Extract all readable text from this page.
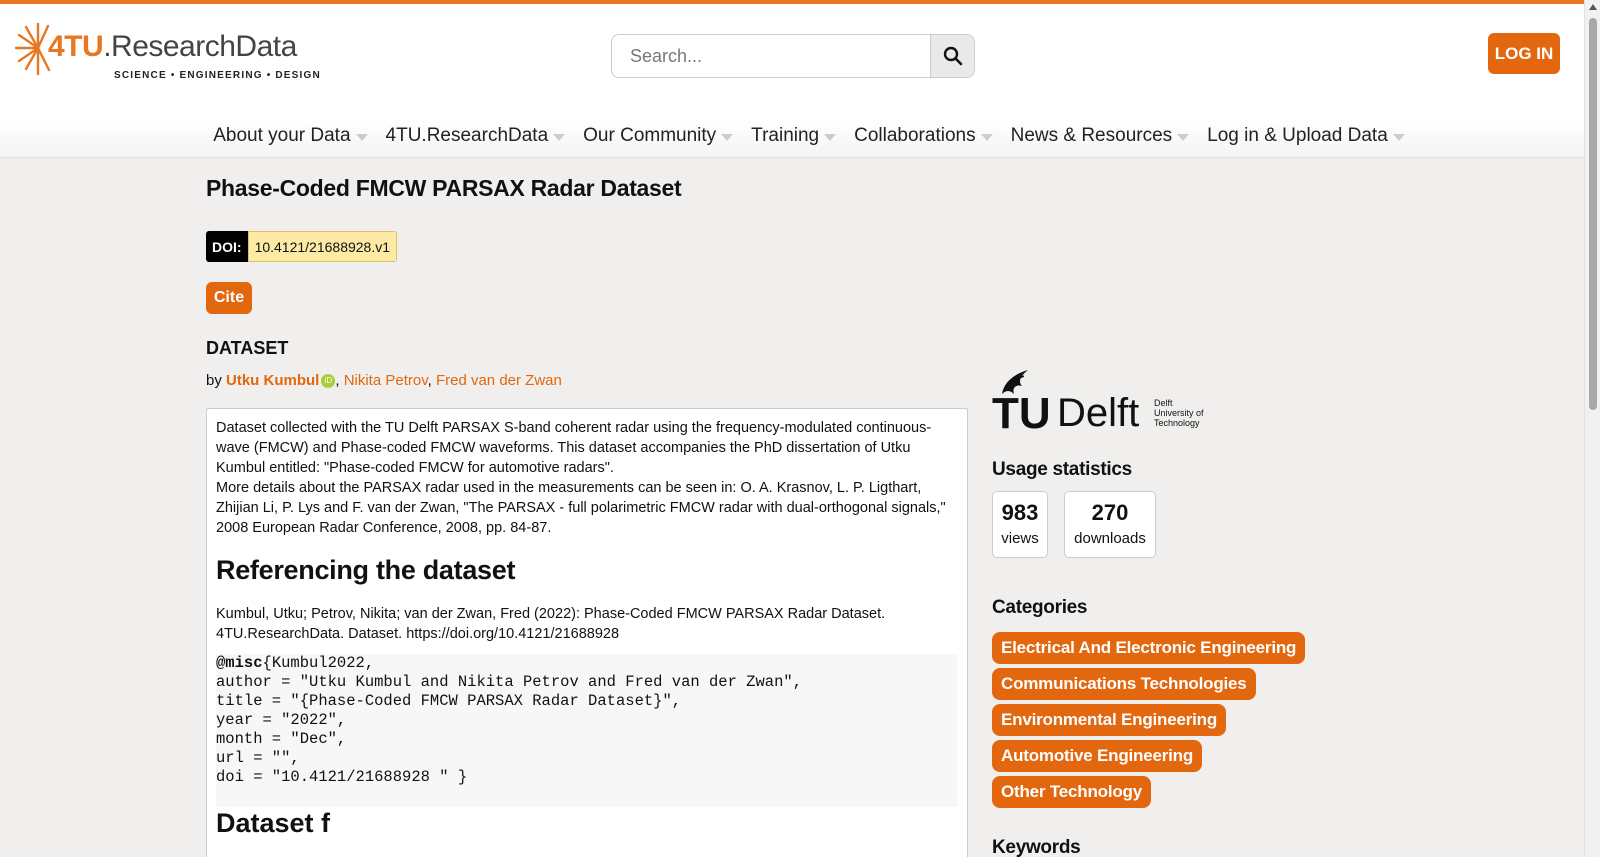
4TU.ResearchData
SCIENCE • ENGINEERING • DESIGN
Search...
LOG IN
About your Data 4TU.ResearchData Our Community Training Collaborations News & Resources Log in & Upload Data
Phase-Coded FMCW PARSAX Radar Dataset
DOI: 10.4121/21688928.v1
Cite
DATASET
by Utku Kumbul iD , Nikita Petrov, Fred van der Zwan

Dataset collected with the TU Delft PARSAX S-band coherent radar using the frequency-modulated continuous-wave (FMCW) and Phase-coded FMCW waveforms. This dataset accompanies the PhD dissertation of Utku Kumbul entitled: "Phase-coded FMCW for automotive radars".

More details about the PARSAX radar used in the measurements can be seen in: O. A. Krasnov, L. P. Ligthart, Zhijian Li, P. Lys and F. van der Zwan, "The PARSAX - full polarimetric FMCW radar with dual-orthogonal signals," 2008 European Radar Conference, 2008, pp. 84-87.

Referencing the dataset

Kumbul, Utku; Petrov, Nikita; van der Zwan, Fred (2022): Phase-Coded FMCW PARSAX Radar Dataset. 4TU.ResearchData. Dataset. https://doi.org/10.4121/21688928

@misc{Kumbul2022,
author = "Utku Kumbul and Nikita Petrov and Fred van der Zwan",
title = "{Phase-Coded FMCW PARSAX Radar Dataset}",
year = "2022",
month = "Dec",
url = "",
doi = "10.4121/21688928 " }
Dataset f
TU Delft Delft
University of
Technology
Usage statistics
983
views
270
downloads
Categories
Electrical And Electronic Engineering
Communications Technologies
Environmental Engineering
Automotive Engineering
Other Technology
Keywords
